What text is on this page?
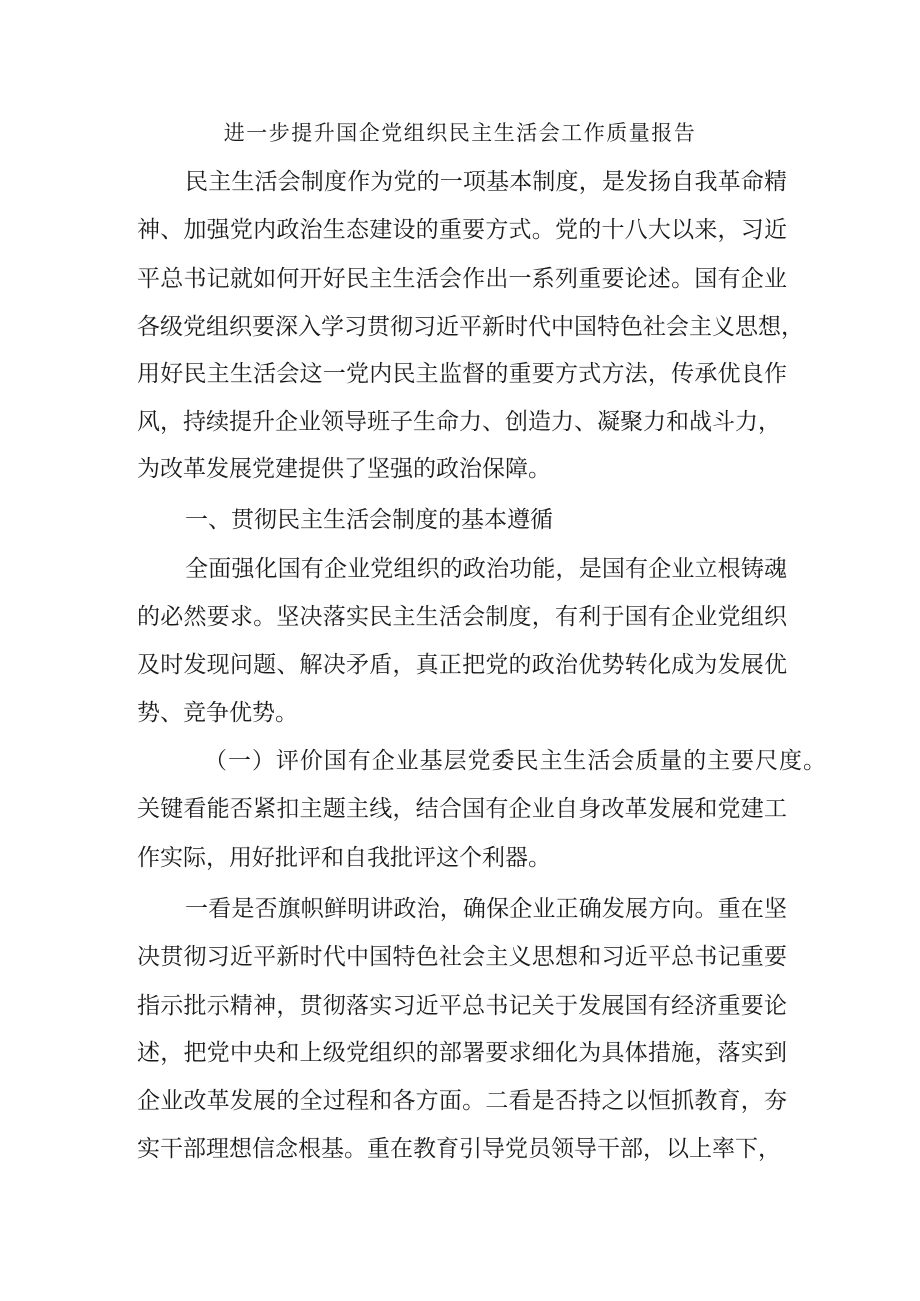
进一步提升国企党组织民主生活会工作质量报告
民主生活会制度作为党的一项基本制度，是发扬自我革命精
神、加强党内政治生态建设的重要方式。党的十八大以来，习近
平总书记就如何开好民主生活会作出一系列重要论述。国有企业
各级党组织要深入学习贯彻习近平新时代中国特色社会主义思想，
用好民主生活会这一党内民主监督的重要方式方法，传承优良作
风，持续提升企业领导班子生命力、创造力、凝聚力和战斗力，
为改革发展党建提供了坚强的政治保障。
一、贯彻民主生活会制度的基本遵循
全面强化国有企业党组织的政治功能，是国有企业立根铸魂
的必然要求。坚决落实民主生活会制度，有利于国有企业党组织
及时发现问题、解决矛盾，真正把党的政治优势转化成为发展优
势、竞争优势。
（一）评价国有企业基层党委民主生活会质量的主要尺度。
关键看能否紧扣主题主线，结合国有企业自身改革发展和党建工
作实际，用好批评和自我批评这个利器。
一看是否旗帜鲜明讲政治，确保企业正确发展方向。重在坚
决贯彻习近平新时代中国特色社会主义思想和习近平总书记重要
指示批示精神，贯彻落实习近平总书记关于发展国有经济重要论
述，把党中央和上级党组织的部署要求细化为具体措施，落实到
企业改革发展的全过程和各方面。二看是否持之以恒抓教育，夯
实干部理想信念根基。重在教育引导党员领导干部，以上率下，
